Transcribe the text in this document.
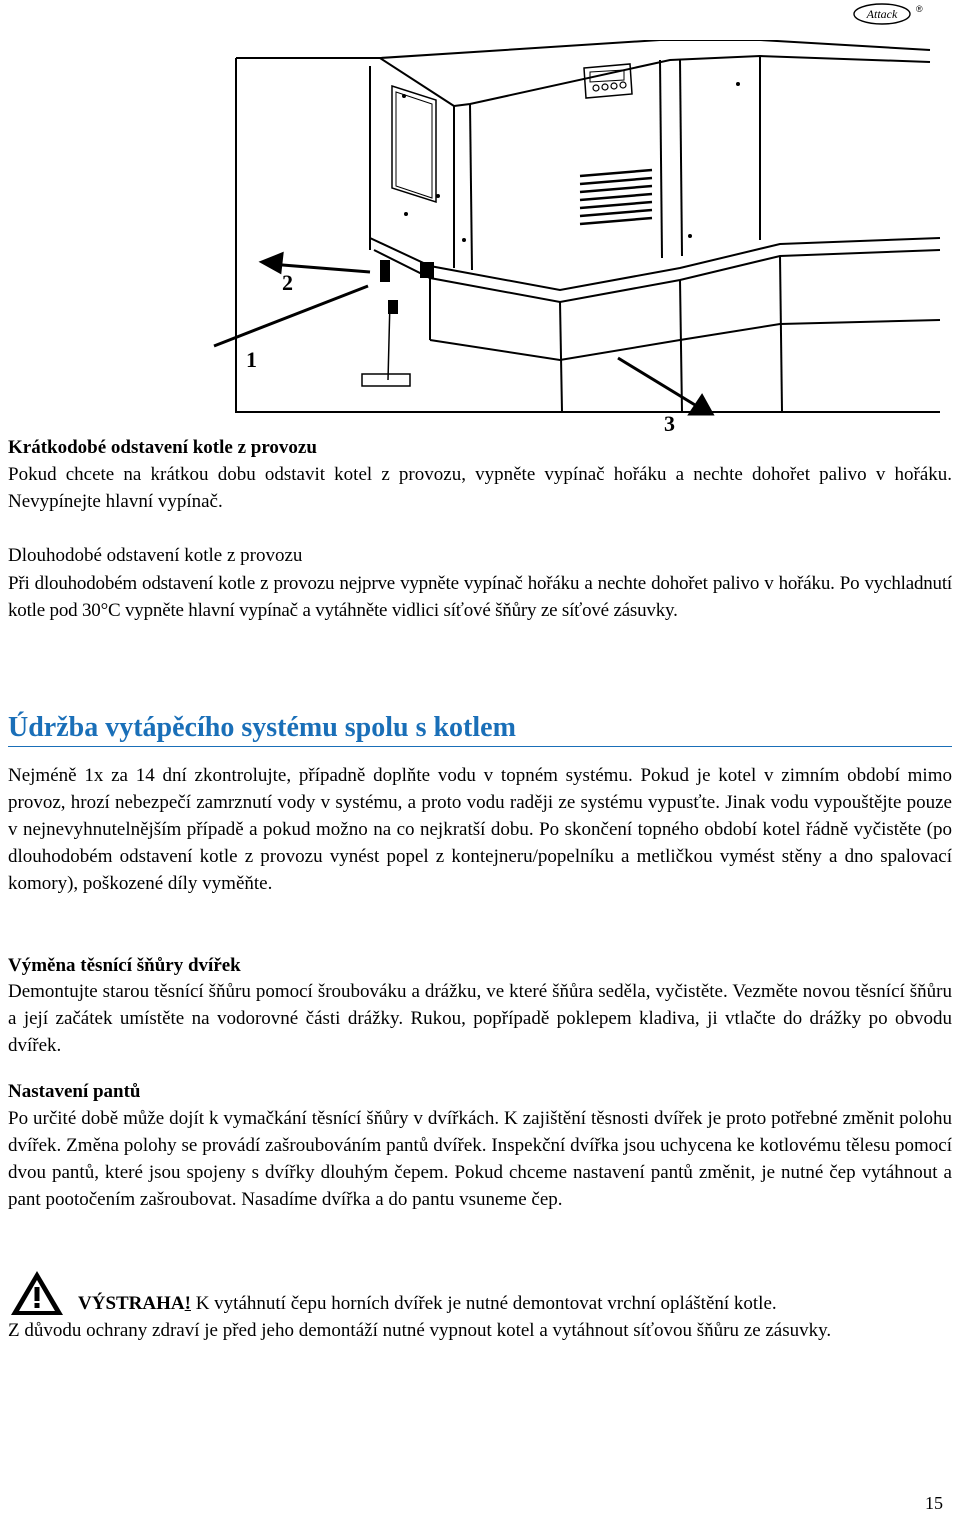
Attack ®
2
1
3
Krátkodobé odstavení kotle z provozu
Pokud chcete na krátkou dobu odstavit kotel z provozu, vypněte vypínač hořáku a nechte dohořet palivo v hořáku. Nevypínejte hlavní vypínač.
Dlouhodobé odstavení kotle z provozu
Při dlouhodobém odstavení kotle z provozu nejprve vypněte vypínač hořáku a nechte dohořet palivo v hořáku. Po vychladnutí kotle pod 30°C vypněte hlavní vypínač a vytáhněte vidlici síťové šňůry ze síťové zásuvky.
Údržba vytápěcího systému spolu s kotlem
Nejméně 1x za 14 dní zkontrolujte, případně doplňte vodu v topném systému. Pokud je kotel v zimním období mimo provoz, hrozí nebezpečí zamrznutí vody v systému, a proto vodu raději ze systému vypusťte. Jinak vodu vypouštějte pouze v nejnevyhnutelnějším případě a pokud možno na co nejkratší dobu. Po skončení topného období kotel řádně vyčistěte (po dlouhodobém odstavení kotle z provozu vynést popel z kontejneru/popelníku a metličkou vymést stěny a dno spalovací komory), poškozené díly vyměňte.
Výměna těsnící šňůry dvířek
Demontujte starou těsnící šňůru pomocí šroubováku a drážku, ve které šňůra seděla, vyčistěte. Vezměte novou těsnící šňůru a její začátek umístěte na vodorovné části drážky. Rukou, popřípadě poklepem kladiva, ji vtlačte do drážky po obvodu dvířek.
Nastavení pantů
Po určité době může dojít k vymačkání těsnící šňůry v dvířkách. K zajištění těsnosti dvířek je proto potřebné změnit polohu dvířek. Změna polohy se provádí zašroubováním pantů dvířek. Inspekční dvířka jsou uchycena ke kotlovému tělesu pomocí dvou pantů, které jsou spojeny s dvířky dlouhým čepem. Pokud chceme nastavení pantů změnit, je nutné čep vytáhnout a pant pootočením zašroubovat. Nasadíme dvířka a do pantu vsuneme čep.
VÝSTRAHA! K vytáhnutí čepu horních dvířek je nutné demontovat vrchní opláštění kotle.
Z důvodu ochrany zdraví je před jeho demontáží nutné vypnout kotel a vytáhnout síťovou šňůru ze zásuvky.
15
